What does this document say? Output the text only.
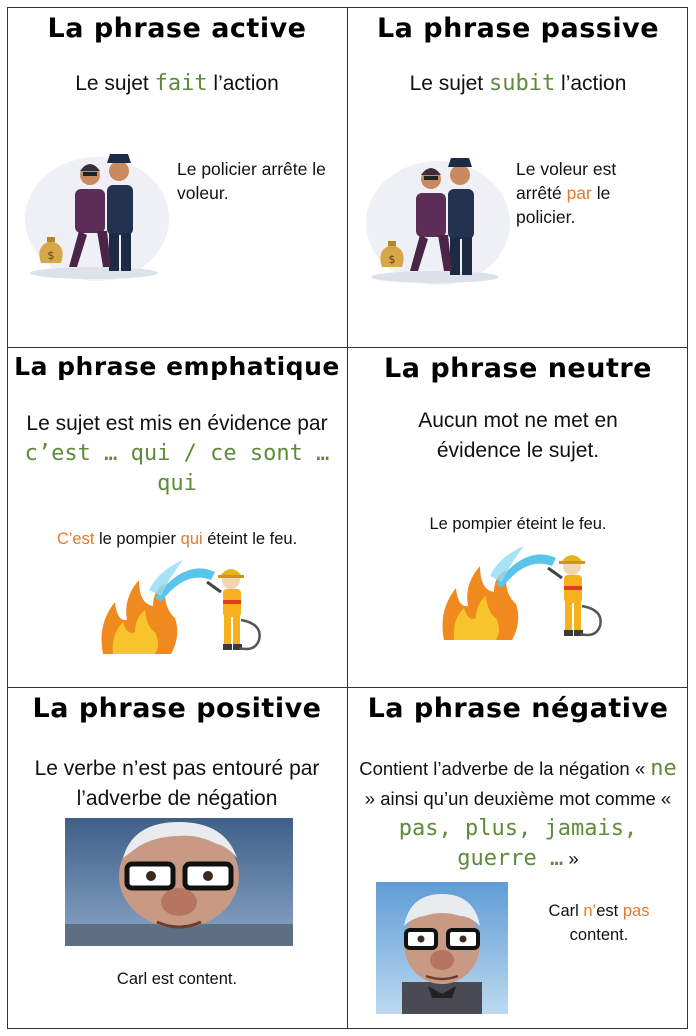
La phrase active
Le sujet fait l’action
$
Le policier arrête le voleur.
La phrase passive
Le sujet subit l’action
$
Le voleur est arrêté par le policier.
La phrase emphatique
Le sujet est mis en évidence par c’est … qui / ce sont … qui
C’est le pompier qui éteint le feu.
La phrase neutre
Aucun mot ne met en évidence le sujet.
Le pompier éteint le feu.
La phrase positive
Le verbe n’est pas entouré par l’adverbe de négation
Carl est content.
La phrase négative
Contient l’adverbe de la négation « ne » ainsi qu’un deuxième mot comme « pas, plus, jamais, guerre … »
Carl n’est pas content.
